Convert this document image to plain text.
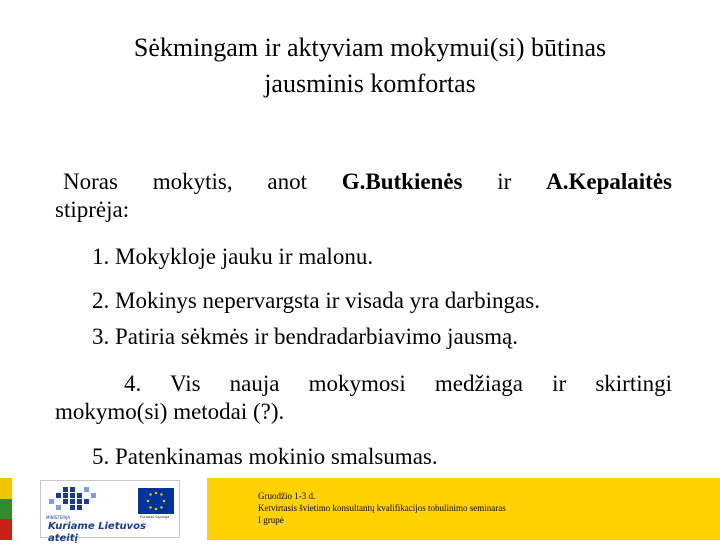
Sėkmingam ir aktyviam mokymui(si) būtinas
jausminis komfortas
Noras mokytis, anot G.Butkienės ir A.Kepalaitės
stiprėja:
1. Mokykloje jauku ir malonu.
2. Mokinys nepervargsta ir visada yra darbingas.
3. Patiria sėkmės ir bendradarbiavimo jausmą.
4. Vis nauja mokymosi medžiaga ir skirtingi
mokymo(si) metodai (?).
5. Patenkinamas mokinio smalsumas.
MINISTERIJA	Europos Sąjunga
Kuriame Lietuvos ateitį
Gruodžio 1-3 d.
Ketvirtasis švietimo konsultantų kvalifikacijos tobulinimo seminaras
I grupė
